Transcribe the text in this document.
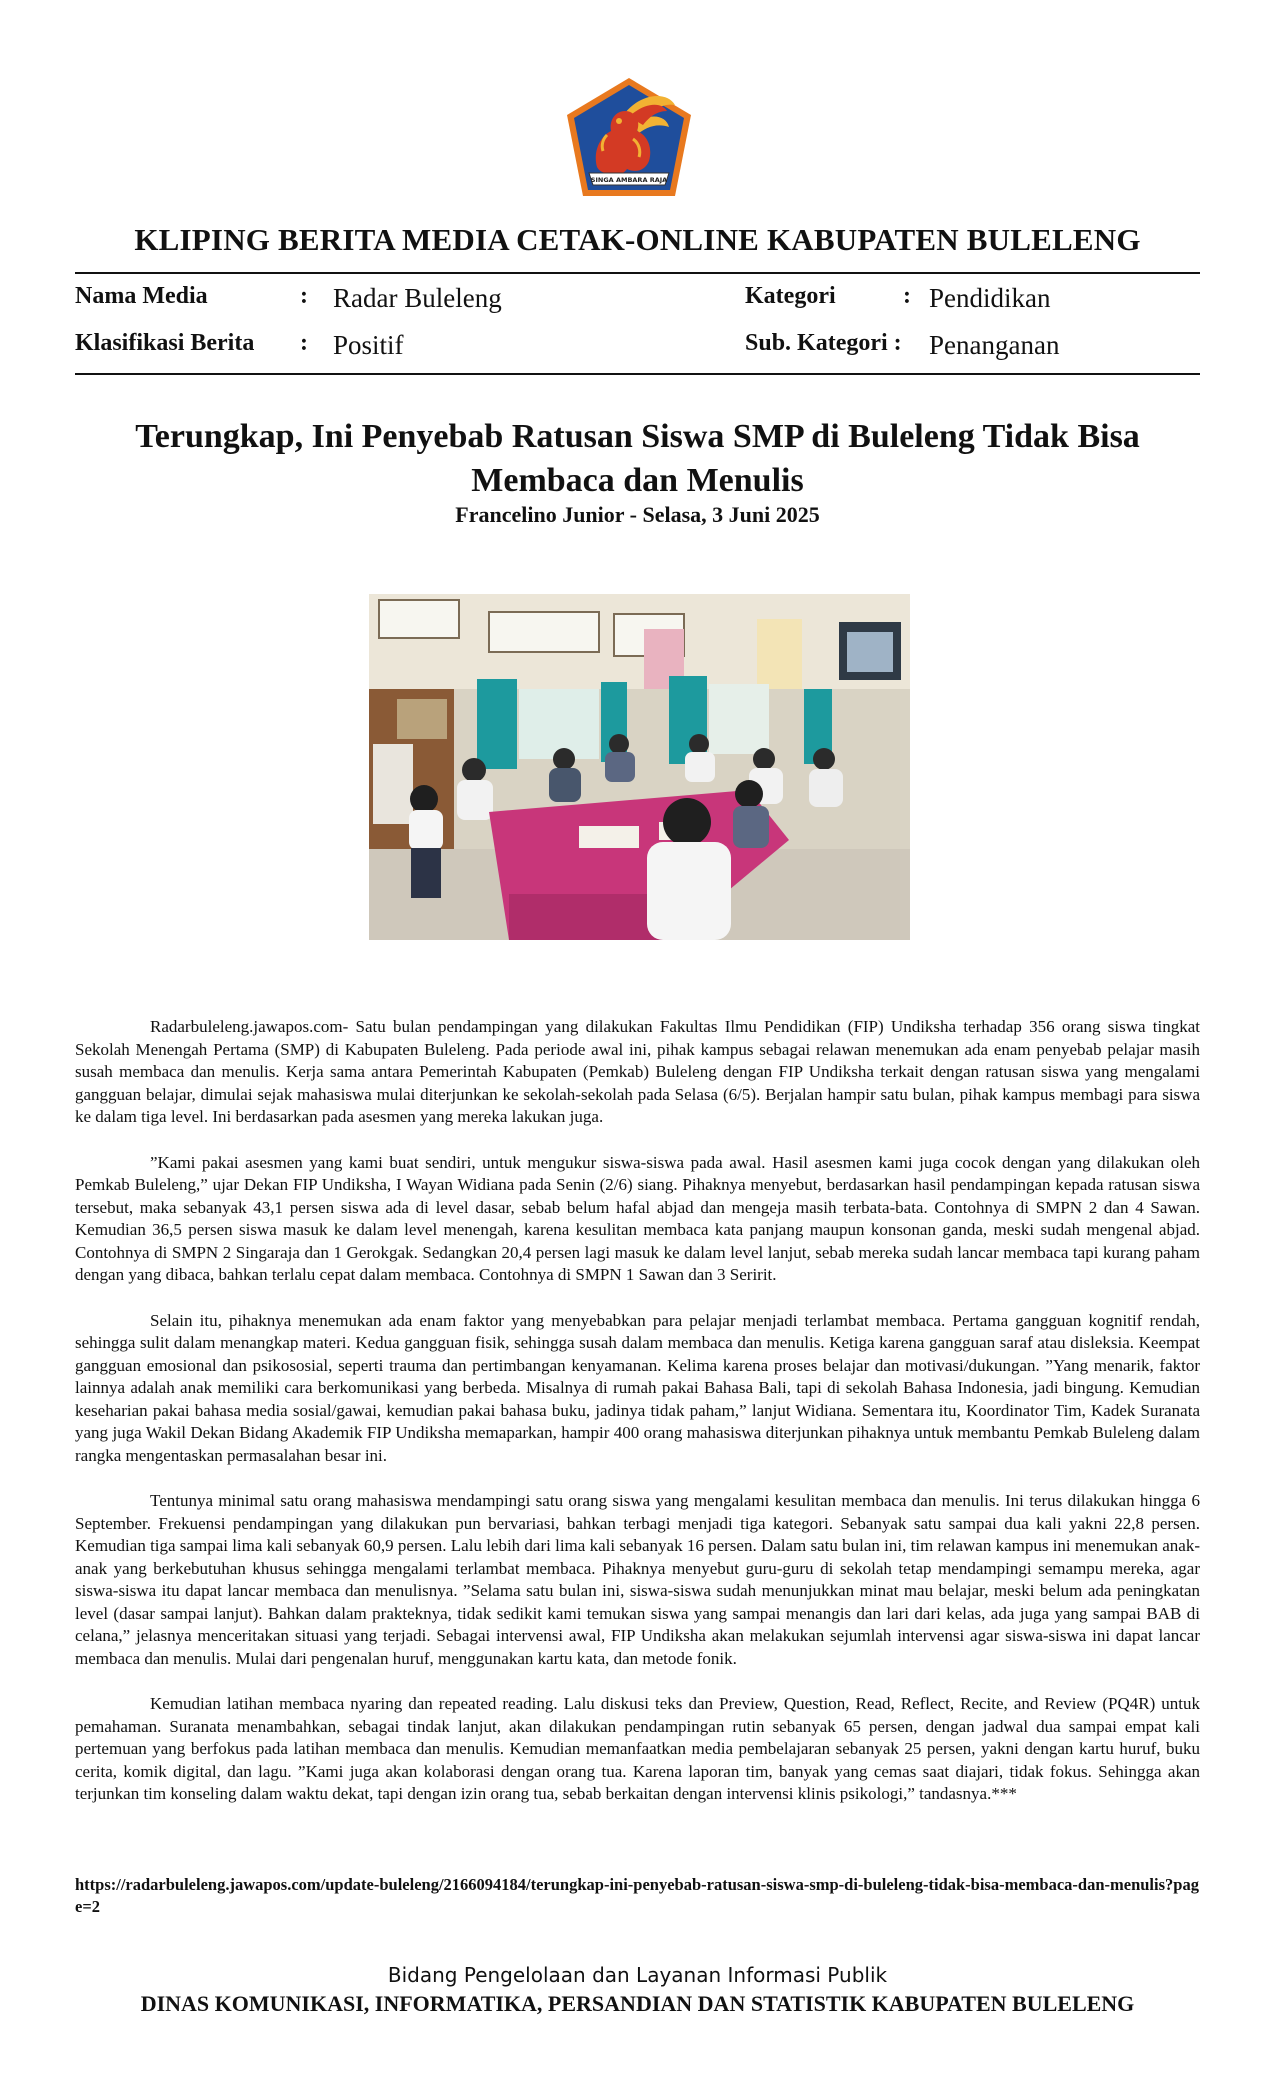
SINGA AMBARA RAJA
KLIPING BERITA MEDIA CETAK-ONLINE KABUPATEN BULELENG
Nama Media	: Radar Buleleng	Kategori	: Pendidikan
Klasifikasi Berita : Positif	Sub. Kategori : Penanganan
Terungkap, Ini Penyebab Ratusan Siswa SMP di Buleleng Tidak Bisa Membaca dan Menulis
Francelino Junior - Selasa, 3 Juni 2025

Radarbuleleng.jawapos.com- Satu bulan pendampingan yang dilakukan Fakultas Ilmu Pendidikan (FIP) Undiksha terhadap 356 orang siswa tingkat Sekolah Menengah Pertama (SMP) di Kabupaten Buleleng. Pada periode awal ini, pihak kampus sebagai relawan menemukan ada enam penyebab pelajar masih susah membaca dan menulis. Kerja sama antara Pemerintah Kabupaten (Pemkab) Buleleng dengan FIP Undiksha terkait dengan ratusan siswa yang mengalami gangguan belajar, dimulai sejak mahasiswa mulai diterjunkan ke sekolah-sekolah pada Selasa (6/5). Berjalan hampir satu bulan, pihak kampus membagi para siswa ke dalam tiga level. Ini berdasarkan pada asesmen yang mereka lakukan juga.

”Kami pakai asesmen yang kami buat sendiri, untuk mengukur siswa-siswa pada awal. Hasil asesmen kami juga cocok dengan yang dilakukan oleh Pemkab Buleleng,” ujar Dekan FIP Undiksha, I Wayan Widiana pada Senin (2/6) siang. Pihaknya menyebut, berdasarkan hasil pendampingan kepada ratusan siswa tersebut, maka sebanyak 43,1 persen siswa ada di level dasar, sebab belum hafal abjad dan mengeja masih terbata-bata. Contohnya di SMPN 2 dan 4 Sawan. Kemudian 36,5 persen siswa masuk ke dalam level menengah, karena kesulitan membaca kata panjang maupun konsonan ganda, meski sudah mengenal abjad. Contohnya di SMPN 2 Singaraja dan 1 Gerokgak. Sedangkan 20,4 persen lagi masuk ke dalam level lanjut, sebab mereka sudah lancar membaca tapi kurang paham dengan yang dibaca, bahkan terlalu cepat dalam membaca. Contohnya di SMPN 1 Sawan dan 3 Seririt.

Selain itu, pihaknya menemukan ada enam faktor yang menyebabkan para pelajar menjadi terlambat membaca. Pertama gangguan kognitif rendah, sehingga sulit dalam menangkap materi. Kedua gangguan fisik, sehingga susah dalam membaca dan menulis. Ketiga karena gangguan saraf atau disleksia. Keempat gangguan emosional dan psikososial, seperti trauma dan pertimbangan kenyamanan. Kelima karena proses belajar dan motivasi/dukungan. ”Yang menarik, faktor lainnya adalah anak memiliki cara berkomunikasi yang berbeda. Misalnya di rumah pakai Bahasa Bali, tapi di sekolah Bahasa Indonesia, jadi bingung. Kemudian keseharian pakai bahasa media sosial/gawai, kemudian pakai bahasa buku, jadinya tidak paham,” lanjut Widiana. Sementara itu, Koordinator Tim, Kadek Suranata yang juga Wakil Dekan Bidang Akademik FIP Undiksha memaparkan, hampir 400 orang mahasiswa diterjunkan pihaknya untuk membantu Pemkab Buleleng dalam rangka mengentaskan permasalahan besar ini.

Tentunya minimal satu orang mahasiswa mendampingi satu orang siswa yang mengalami kesulitan membaca dan menulis. Ini terus dilakukan hingga 6 September. Frekuensi pendampingan yang dilakukan pun bervariasi, bahkan terbagi menjadi tiga kategori. Sebanyak satu sampai dua kali yakni 22,8 persen. Kemudian tiga sampai lima kali sebanyak 60,9 persen. Lalu lebih dari lima kali sebanyak 16 persen. Dalam satu bulan ini, tim relawan kampus ini menemukan anak-anak yang berkebutuhan khusus sehingga mengalami terlambat membaca. Pihaknya menyebut guru-guru di sekolah tetap mendampingi semampu mereka, agar siswa-siswa itu dapat lancar membaca dan menulisnya. ”Selama satu bulan ini, siswa-siswa sudah menunjukkan minat mau belajar, meski belum ada peningkatan level (dasar sampai lanjut). Bahkan dalam prakteknya, tidak sedikit kami temukan siswa yang sampai menangis dan lari dari kelas, ada juga yang sampai BAB di celana,” jelasnya menceritakan situasi yang terjadi. Sebagai intervensi awal, FIP Undiksha akan melakukan sejumlah intervensi agar siswa-siswa ini dapat lancar membaca dan menulis. Mulai dari pengenalan huruf, menggunakan kartu kata, dan metode fonik.

Kemudian latihan membaca nyaring dan repeated reading. Lalu diskusi teks dan Preview, Question, Read, Reflect, Recite, and Review (PQ4R) untuk pemahaman. Suranata menambahkan, sebagai tindak lanjut, akan dilakukan pendampingan rutin sebanyak 65 persen, dengan jadwal dua sampai empat kali pertemuan yang berfokus pada latihan membaca dan menulis. Kemudian memanfaatkan media pembelajaran sebanyak 25 persen, yakni dengan kartu huruf, buku cerita, komik digital, dan lagu. ”Kami juga akan kolaborasi dengan orang tua. Karena laporan tim, banyak yang cemas saat diajari, tidak fokus. Sehingga akan terjunkan tim konseling dalam waktu dekat, tapi dengan izin orang tua, sebab berkaitan dengan intervensi klinis psikologi,” tandasnya.***

https://radarbuleleng.jawapos.com/update-buleleng/2166094184/terungkap-ini-penyebab-ratusan-siswa-smp-di-buleleng-tidak-bisa-membaca-dan-menulis?page=2
Bidang Pengelolaan dan Layanan Informasi Publik
DINAS KOMUNIKASI, INFORMATIKA, PERSANDIAN DAN STATISTIK KABUPATEN BULELENG
